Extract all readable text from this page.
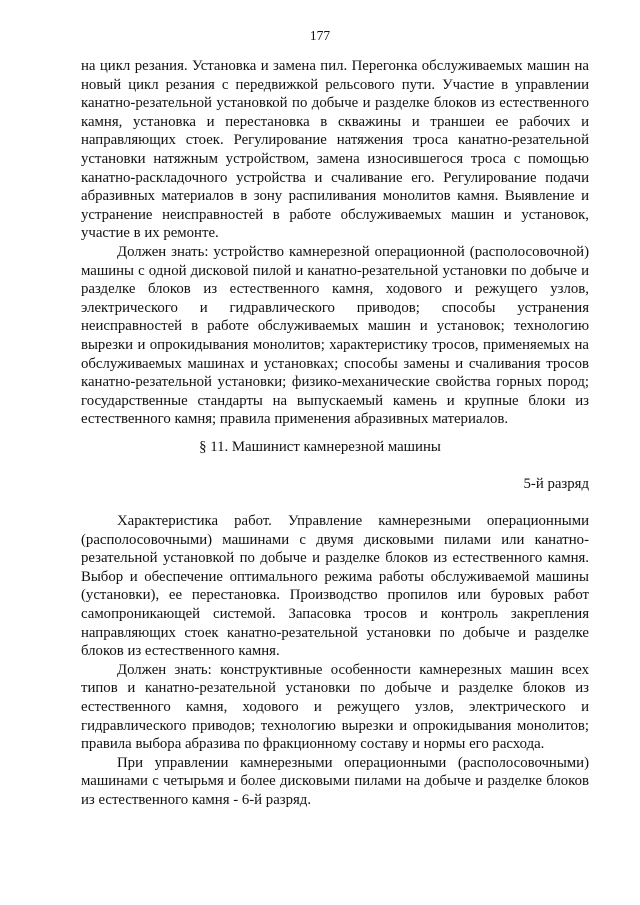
177

на цикл резания. Установка и замена пил. Перегонка обслуживаемых машин на новый цикл резания с передвижкой рельсового пути. Участие в управлении канатно-резательной установкой по добыче и разделке блоков из естественного камня, установка и перестановка в скважины и траншеи ее рабочих и направляющих стоек. Регулирование натяжения троса канатно-резательной установки натяжным устройством, замена износившегося троса с помощью канатно-раскладочного устройства и счаливание его. Регулирование подачи абразивных материалов в зону распиливания монолитов камня. Выявление и устранение неисправностей в работе обслуживаемых машин и установок, участие в их ремонте.

Должен знать: устройство камнерезной операционной (располосовочной) машины с одной дисковой пилой и канатно-резательной установки по добыче и разделке блоков из естественного камня, ходового и режущего узлов, электрического и гидравлического приводов; способы устранения неисправностей в работе обслуживаемых машин и установок; технологию вырезки и опрокидывания монолитов; характеристику тросов, применяемых на обслуживаемых машинах и установках; способы замены и счаливания тросов канатно-резательной установки; физико-механические свойства горных пород; государственные стандарты на выпускаемый камень и крупные блоки из естественного камня; правила применения абразивных материалов.

§ 11. Машинист камнерезной машины
5-й разряд

Характеристика работ. Управление камнерезными операционными (располосовочными) машинами с двумя дисковыми пилами или канатно-резательной установкой по добыче и разделке блоков из естественного камня. Выбор и обеспечение оптимального режима работы обслуживаемой машины (установки), ее перестановка. Производство пропилов или буровых работ самопроникающей системой. Запасовка тросов и контроль закрепления направляющих стоек канатно-резательной установки по добыче и разделке блоков из естественного камня.

Должен знать: конструктивные особенности камнерезных машин всех типов и канатно-резательной установки по добыче и разделке блоков из естественного камня, ходового и режущего узлов, электрического и гидравлического приводов; технологию вырезки и опрокидывания монолитов; правила выбора абразива по фракционному составу и нормы его расхода.

При управлении камнерезными операционными (располосовочными) машинами с четырьмя и более дисковыми пилами на добыче и разделке блоков из естественного камня - 6-й разряд.
